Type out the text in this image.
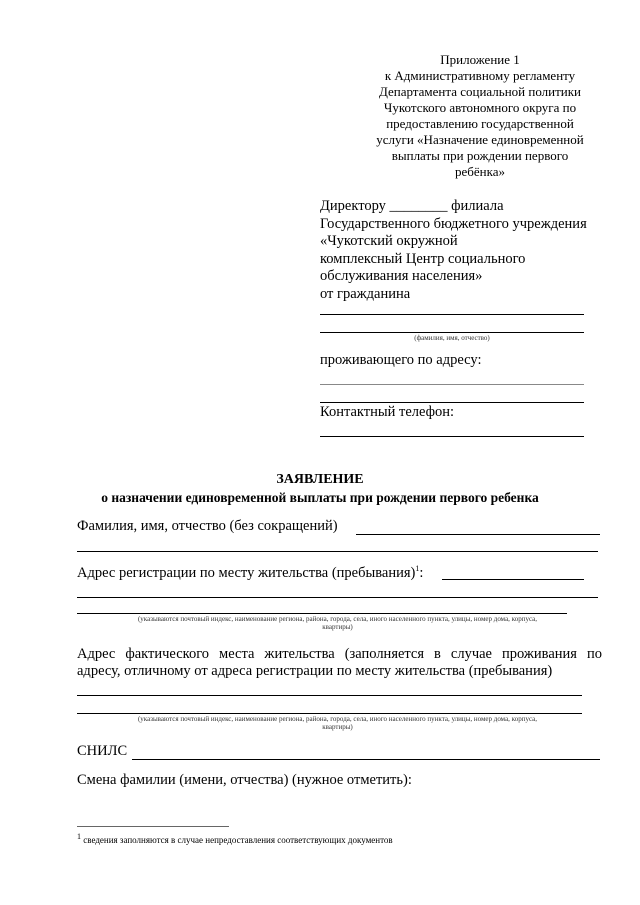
Приложение 1
к Административному регламенту
Департамента социальной политики
Чукотского автономного округа по
предоставлению государственной
услуги «Назначение единовременной
выплаты при рождении первого
ребёнка»
Директору ________ филиала
Государственного бюджетного учреждения
«Чукотский окружной
комплексный Центр социального
обслуживания населения»
от гражданина
(фамилия, имя, отчество)
проживающего по адресу:
Контактный телефон:
ЗАЯВЛЕНИЕ
о назначении единовременной выплаты при рождении первого ребенка
Фамилия, имя, отчество (без сокращений)
Адрес регистрации по месту жительства (пребывания)$^1$:
(указываются почтовый индекс, наименование региона, района, города, села, иного населенного пункта, улицы, номер дома, корпуса,
квартиры)
Адрес фактического места жительства (заполняется в случае проживания по
адресу, отличному от адреса регистрации по месту жительства (пребывания)
(указываются почтовый индекс, наименование региона, района, города, села, иного населенного пункта, улицы, номер дома, корпуса,
квартиры)
СНИЛС
Смена фамилии (имени, отчества) (нужное отметить):
$^1$ сведения заполняются в случае непредоставления соответствующих документов
